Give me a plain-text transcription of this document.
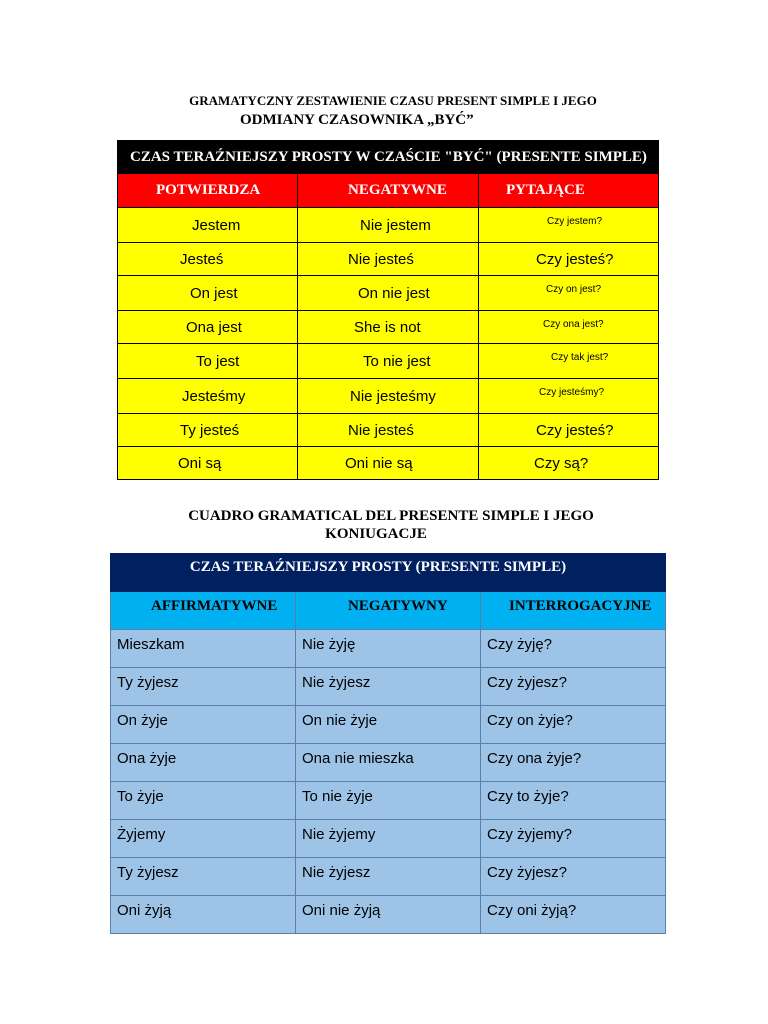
GRAMATYCZNY ZESTAWIENIE CZASU PRESENT SIMPLE I JEGO
ODMIANY CZASOWNIKA „BYĆ”
CZAS TERAŹNIEJSZY PROSTY W CZAŚCIE "BYĆ" (PRESENTE SIMPLE)
POTWIERDZA	NEGATYWNE	PYTAJĄCE
Jestem	Nie jestem	Czy jestem?
Jesteś	Nie jesteś	Czy jesteś?
On jest	On nie jest	Czy on jest?
Ona jest	She is not	Czy ona jest?
To jest	To nie jest	Czy tak jest?
Jesteśmy	Nie jesteśmy	Czy jesteśmy?
Ty jesteś	Nie jesteś	Czy jesteś?
Oni są	Oni nie są	Czy są?
CUADRO GRAMATICAL DEL PRESENTE SIMPLE I JEGO
KONIUGACJE
CZAS TERAŹNIEJSZY PROSTY (PRESENTE SIMPLE)
AFFIRMATYWNE	NEGATYWNY	INTERROGACYJNE
Mieszkam	Nie żyję	Czy żyję?
Ty żyjesz	Nie żyjesz	Czy żyjesz?
On żyje	On nie żyje	Czy on żyje?
Ona żyje	Ona nie mieszka	Czy ona żyje?
To żyje	To nie żyje	Czy to żyje?
Żyjemy	Nie żyjemy	Czy żyjemy?
Ty żyjesz	Nie żyjesz	Czy żyjesz?
Oni żyją	Oni nie żyją	Czy oni żyją?
